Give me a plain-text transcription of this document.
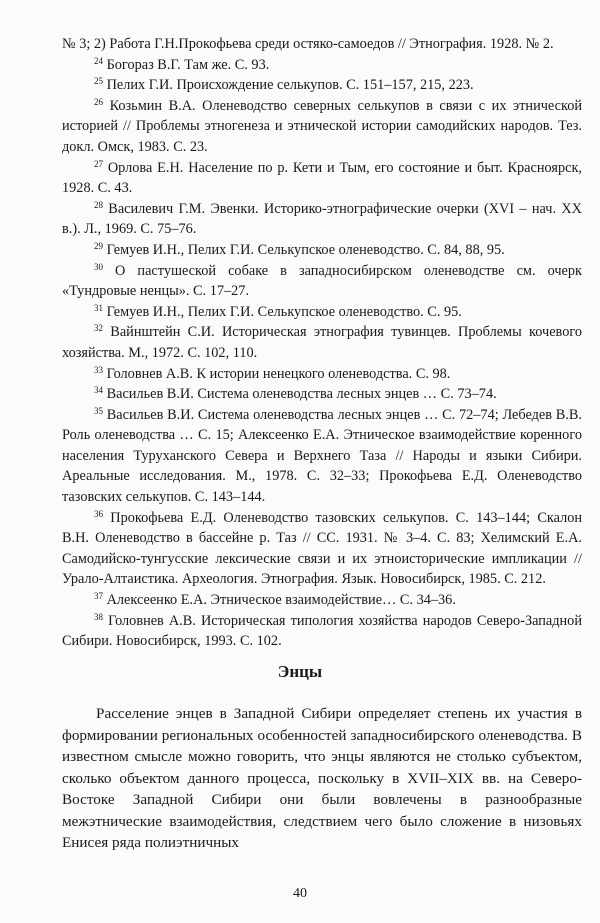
№ 3; 2) Работа Г.Н.Прокофьева среди остяко-самоедов // Этнография. 1928. № 2.

$^{24}$ Богораз В.Г. Там же. С. 93.

$^{25}$ Пелих Г.И. Происхождение селькупов. С. 151–157, 215, 223.

$^{26}$ Козьмин В.А. Оленеводство северных селькупов в связи с их этнической историей // Проблемы этногенеза и этнической истории самодийских народов. Тез. докл. Омск, 1983. С. 23.

$^{27}$ Орлова Е.Н. Население по р. Кети и Тым, его состояние и быт. Красноярск, 1928. С. 43.

$^{28}$ Василевич Г.М. Эвенки. Историко-этнографические очерки (XVI – нач. XX в.). Л., 1969. С. 75–76.

$^{29}$ Гемуев И.Н., Пелих Г.И. Селькупское оленеводство. С. 84, 88, 95.

$^{30}$ О пастушеской собаке в западносибирском оленеводстве см. очерк «Тундровые ненцы». С. 17–27.

$^{31}$ Гемуев И.Н., Пелих Г.И. Селькупское оленеводство. С. 95.

$^{32}$ Вайнштейн С.И. Историческая этнография тувинцев. Проблемы кочевого хозяйства. М., 1972. С. 102, 110.

$^{33}$ Головнев А.В. К истории ненецкого оленеводства. С. 98.

$^{34}$ Васильев В.И. Система оленеводства лесных энцев … С. 73–74.

$^{35}$ Васильев В.И. Система оленеводства лесных энцев … С. 72–74; Лебедев В.В. Роль оленеводства … С. 15; Алексеенко Е.А. Этническое взаимодействие коренного населения Туруханского Севера и Верхнего Таза // Народы и языки Сибири. Ареальные исследования. М., 1978. С. 32–33; Прокофьева Е.Д. Оленеводство тазовских селькупов. С. 143–144.

$^{36}$ Прокофьева Е.Д. Оленеводство тазовских селькупов. С. 143–144; Скалон В.Н. Оленеводство в бассейне р. Таз // СС. 1931. № 3–4. С. 83; Хелимский Е.А. Самодийско-тунгусские лексические связи и их этноисторические импликации // Урало-Алтаистика. Археология. Этнография. Язык. Новосибирск, 1985. С. 212.

$^{37}$ Алексеенко Е.А. Этническое взаимодействие… С. 34–36.

$^{38}$ Головнев А.В. Историческая типология хозяйства народов Северо-Западной Сибири. Новосибирск, 1993. С. 102.

Энцы

Расселение энцев в Западной Сибири определяет степень их участия в формировании региональных особенностей западносибирского оленеводства. В известном смысле можно говорить, что энцы являются не столько субъектом, сколько объектом данного процесса, поскольку в XVII–XIX вв. на Северо-Востоке Западной Сибири они были вовлечены в разнообразные межэтнические взаимодействия, следствием чего было сложение в низовьях Енисея ряда полиэтничных

40
